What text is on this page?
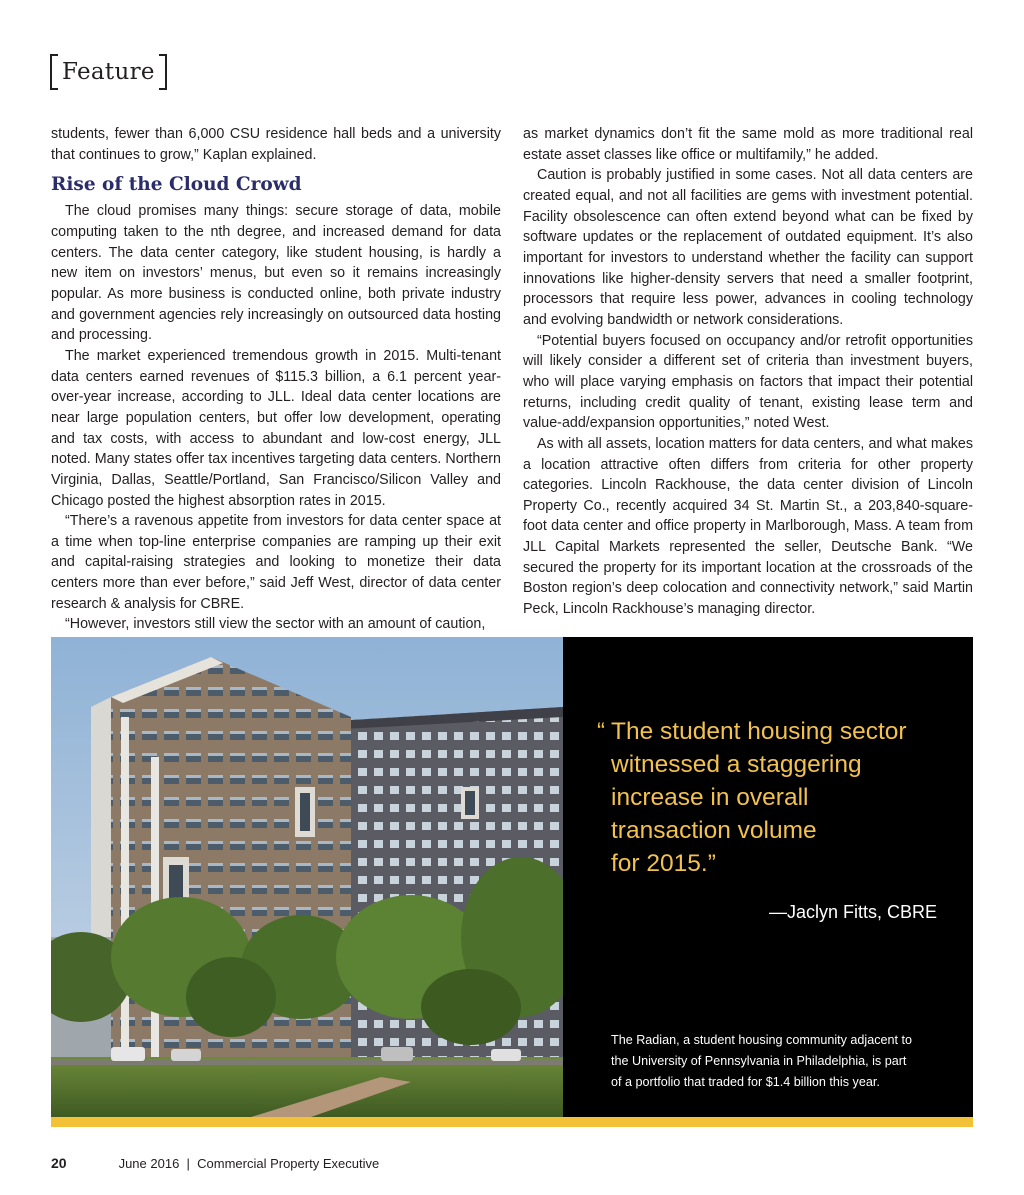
Feature

students, fewer than 6,000 CSU residence hall beds and a university that continues to grow,” Kaplan explained.

Rise of the Cloud Crowd

The cloud promises many things: secure storage of data, mobile computing taken to the nth degree, and increased demand for data centers. The data center category, like student housing, is hardly a new item on investors’ menus, but even so it remains increasingly popular. As more business is conducted online, both private industry and government agencies rely increasingly on outsourced data hosting and processing.

The market experienced tremendous growth in 2015. Multi-tenant data centers earned revenues of $115.3 billion, a 6.1 percent year-over-year increase, according to JLL. Ideal data center locations are near large population centers, but offer low development, operating and tax costs, with access to abundant and low-cost energy, JLL noted. Many states offer tax incentives targeting data centers. Northern Virginia, Dallas, Seattle/Portland, San Francisco/Silicon Valley and Chicago posted the highest absorption rates in 2015.

“There’s a ravenous appetite from investors for data center space at a time when top-line enterprise companies are ramping up their exit and capital-raising strategies and looking to monetize their data centers more than ever before,” said Jeff West, director of data center research & analysis for CBRE.

“However, investors still view the sector with an amount of caution,

as market dynamics don’t fit the same mold as more traditional real estate asset classes like office or multifamily,” he added.

Caution is probably justified in some cases. Not all data centers are created equal, and not all facilities are gems with investment potential. Facility obsolescence can often extend beyond what can be fixed by software updates or the replacement of outdated equipment. It’s also important for investors to understand whether the facility can support innovations like higher-density servers that need a smaller footprint, processors that require less power, advances in cooling technology and evolving bandwidth or network considerations.

“Potential buyers focused on occupancy and/or retrofit opportunities will likely consider a different set of criteria than investment buyers, who will place varying emphasis on factors that impact their potential returns, including credit quality of tenant, existing lease term and value-add/expansion opportunities,” noted West.

As with all assets, location matters for data centers, and what makes a location attractive often differs from criteria for other property categories. Lincoln Rackhouse, the data center division of Lincoln Property Co., recently acquired 34 St. Martin St., a 203,840-square-foot data center and office property in Marlborough, Mass. A team from JLL Capital Markets represented the seller, Deutsche Bank. “We secured the property for its important location at the crossroads of the Boston region’s deep colocation and connectivity network,” said Martin Peck, Lincoln Rackhouse’s managing director.

“ The student housing sector
witnessed a staggering
increase in overall
transaction volume
for 2015.”
—Jaclyn Fitts, CBRE
The Radian, a student housing community adjacent to
the University of Pennsylvania in Philadelphia, is part
of a portfolio that traded for $1.4 billion this year.
20	June 2016  |  Commercial Property Executive
